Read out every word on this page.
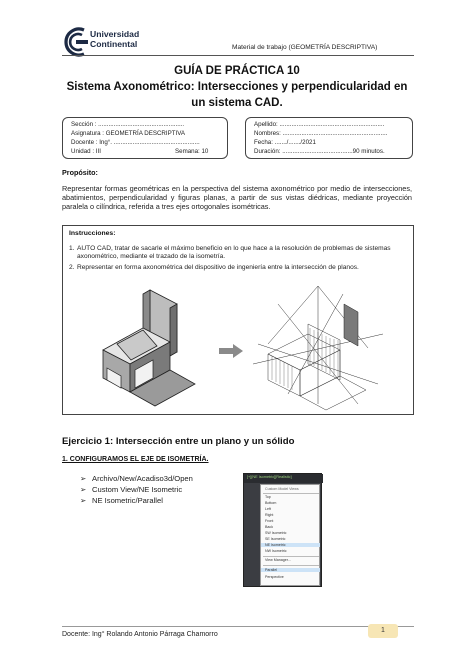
Universidad
Continental	Material de trabajo (GEOMETRÍA DESCRIPTIVA)
GUÍA DE PRÁCTICA 10
Sistema Axonométrico: Intersecciones y perpendicularidad en
un sistema CAD.
Sección : ..................................................
Asignatura : GEOMETRÍA DESCRIPTIVA
Docente : Ing°. ..................................................
Unidad : III	Semana: 10
Apellido: .............................................................
Nombres: .............................................................
Fecha: ......./......./2021
Duración: .........................................90 minutos.
Propósito:
Representar formas geométricas en la perspectiva del sistema axonométrico por medio de intersecciones, abatimientos, perpendicularidad y figuras planas, a partir de sus vistas diédricas, mediante proyección paralela o cilíndrica, referida a tres ejes ortogonales isométricas.
Instrucciones:
1. AUTO CAD, tratar de sacarle el máximo beneficio en lo que hace a la resolución de problemas de sistemas axonométrico, mediante el trazado de la isometría.
2. Representar en forma axonométrica del dispositivo de ingeniería entre la intersección de planos.
Ejercicio 1: Intersección entre un plano y un sólido
1. CONFIGURAMOS EL EJE DE ISOMETRÍA.
➢ Archivo/New/Acadiso3d/Open
➢ Custom View/NE Isometric
➢ NE Isometric/Parallel
[+][NE Isometric][Realistic]
Custom Model Views
Top
Bottom
Left
Right
Front
Back
SW Isometric
SE Isometric
NE Isometric
NW Isometric
View Manager...
Parallel
Perspective
Docente: Ing° Rolando Antonio Párraga Chamorro
1
